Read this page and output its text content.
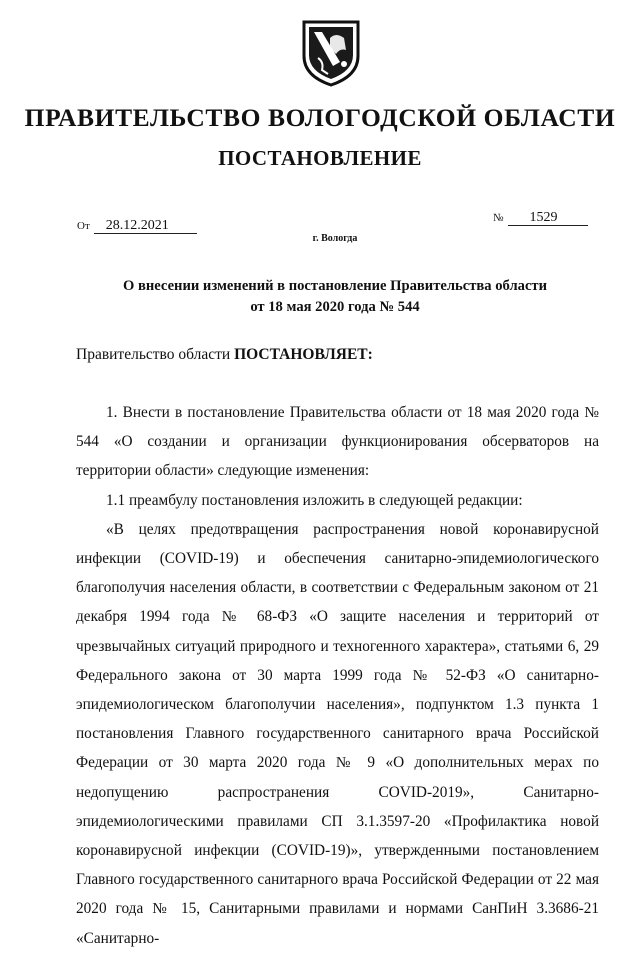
ПРАВИТЕЛЬСТВО ВОЛОГОДСКОЙ ОБЛАСТИ
ПОСТАНОВЛЕНИЕ
От 28.12.2021	№ 1529
г. Вологда
О внесении изменений в постановление Правительства области
от 18 мая 2020 года № 544
Правительство области ПОСТАНОВЛЯЕТ:

1. Внести в постановление Правительства области от 18 мая 2020 года № 544 «О создании и организации функционирования обсерваторов на территории области» следующие изменения:

1.1 преамбулу постановления изложить в следующей редакции:

«В целях предотвращения распространения новой коронавирусной инфекции (COVID-19) и обеспечения санитарно-эпидемиологического благополучия населения области, в соответствии с Федеральным законом от 21 декабря 1994 года № 68-ФЗ «О защите населения и территорий от чрезвычайных ситуаций природного и техногенного характера», статьями 6, 29 Федерального закона от 30 марта 1999 года № 52-ФЗ «О санитарно-эпидемиологическом благополучии населения», подпунктом 1.3 пункта 1 постановления Главного государственного санитарного врача Российской Федерации от 30 марта 2020 года № 9 «О дополнительных мерах по недопущению распространения COVID-2019», Санитарно-эпидемиологическими правилами СП 3.1.3597-20 «Профилактика новой коронавирусной инфекции (COVID-19)», утвержденными постановлением Главного государственного санитарного врача Российской Федерации от 22 мая 2020 года № 15, Санитарными правилами и нормами СанПиН 3.3686-21 «Санитарно-
